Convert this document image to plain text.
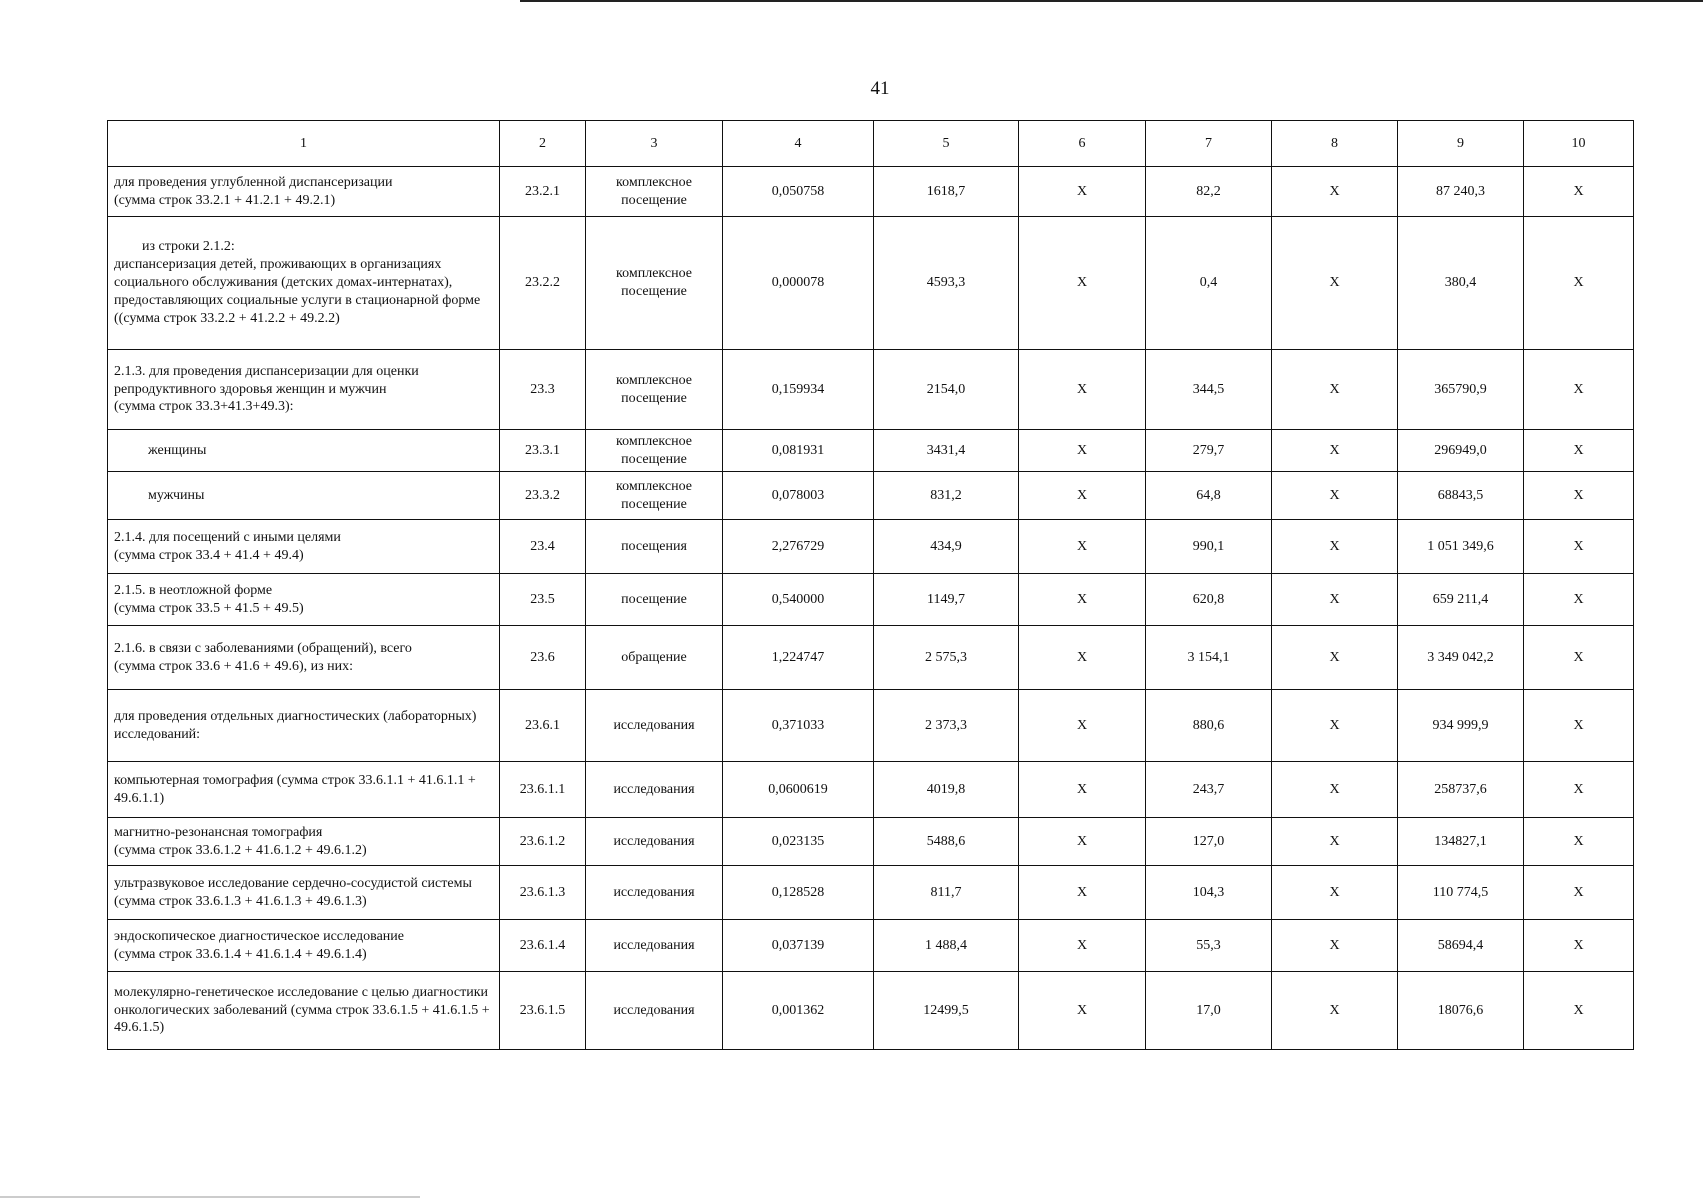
41
1	2	3	4	5	6	7	8	9	10
для проведения углубленной диспансеризации
(сумма строк 33.2.1 + 41.2.1 + 49.2.1)	23.2.1	комплексное посещение	0,050758	1618,7	X	82,2	X	87 240,3	X
из строки 2.1.2:
диспансеризация детей, проживающих в организациях социального обслуживания (детских домах-интернатах), предоставляющих социальные услуги в стационарной форме
((сумма строк 33.2.2 + 41.2.2 + 49.2.2)	23.2.2	комплексное посещение	0,000078	4593,3	X	0,4	X	380,4	X
2.1.3. для проведения диспансеризации для оценки репродуктивного здоровья женщин и мужчин
(сумма строк 33.3+41.3+49.3):	23.3	комплексное посещение	0,159934	2154,0	X	344,5	X	365790,9	X
женщины	23.3.1	комплексное посещение	0,081931	3431,4	X	279,7	X	296949,0	X
мужчины	23.3.2	комплексное посещение	0,078003	831,2	X	64,8	X	68843,5	X
2.1.4. для посещений с иными целями
(сумма строк 33.4 + 41.4 + 49.4)	23.4	посещения	2,276729	434,9	X	990,1	X	1 051 349,6	X
2.1.5. в неотложной форме
(сумма строк 33.5 + 41.5 + 49.5)	23.5	посещение	0,540000	1149,7	X	620,8	X	659 211,4	X
2.1.6. в связи с заболеваниями (обращений), всего
(сумма строк 33.6 + 41.6 + 49.6), из них:	23.6	обращение	1,224747	2 575,3	X	3 154,1	X	3 349 042,2	X
для проведения отдельных диагностических (лабораторных) исследований:	23.6.1	исследования	0,371033	2 373,3	X	880,6	X	934 999,9	X
компьютерная томография (сумма строк 33.6.1.1 + 41.6.1.1 + 49.6.1.1)	23.6.1.1	исследования	0,0600619	4019,8	X	243,7	X	258737,6	X
магнитно-резонансная томография
(сумма строк 33.6.1.2 + 41.6.1.2 + 49.6.1.2)	23.6.1.2	исследования	0,023135	5488,6	X	127,0	X	134827,1	X
ультразвуковое исследование сердечно-сосудистой системы (сумма строк 33.6.1.3 + 41.6.1.3 + 49.6.1.3)	23.6.1.3	исследования	0,128528	811,7	X	104,3	X	110 774,5	X
эндоскопическое диагностическое исследование
(сумма строк 33.6.1.4 + 41.6.1.4 + 49.6.1.4)	23.6.1.4	исследования	0,037139	1 488,4	X	55,3	X	58694,4	X
молекулярно-генетическое исследование с целью диагностики онкологических заболеваний (сумма строк 33.6.1.5 + 41.6.1.5 + 49.6.1.5)	23.6.1.5	исследования	0,001362	12499,5	X	17,0	X	18076,6	X
